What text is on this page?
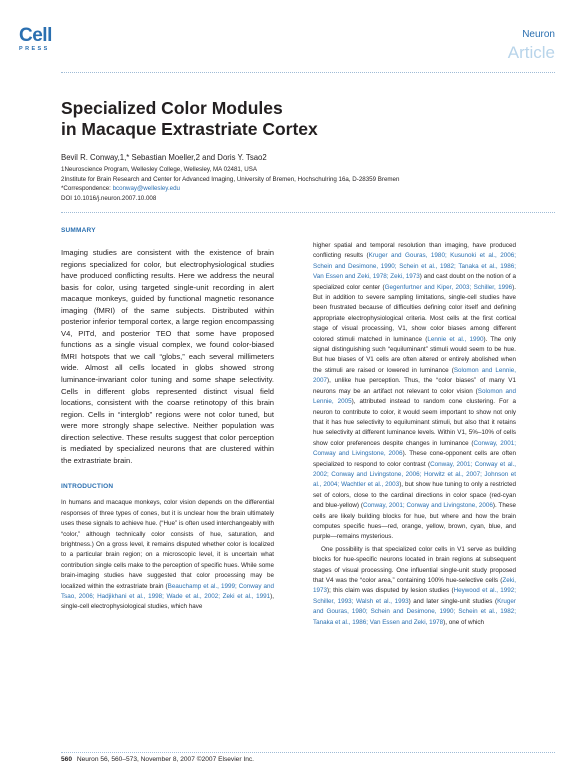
Cell
PRESS
Neuron
Article
Specialized Color Modules
in Macaque Extrastriate Cortex
Bevil R. Conway,1,* Sebastian Moeller,2 and Doris Y. Tsao2
1Neuroscience Program, Wellesley College, Wellesley, MA 02481, USA
2Institute for Brain Research and Center for Advanced Imaging, University of Bremen, Hochschulring 16a, D-28359 Bremen
*Correspondence: bconway@wellesley.edu
DOI 10.1016/j.neuron.2007.10.008
SUMMARY

Imaging studies are consistent with the existence of brain regions specialized for color, but electrophysiological studies have produced conflicting results. Here we address the neural basis for color, using targeted single-unit recording in alert macaque monkeys, guided by functional magnetic resonance imaging (fMRI) of the same subjects. Distributed within posterior inferior temporal cortex, a large region encompassing V4, PITd, and posterior TEO that some have proposed functions as a single visual complex, we found color-biased fMRI hotspots that we call “globs,” each several millimeters wide. Almost all cells located in globs showed strong luminance-invariant color tuning and some shape selectivity. Cells in different globs represented distinct visual field locations, consistent with the coarse retinotopy of this brain region. Cells in “interglob” regions were not color tuned, but were more strongly shape selective. Neither population was direction selective. These results suggest that color perception is mediated by specialized neurons that are clustered within the extrastriate brain.

INTRODUCTION

In humans and macaque monkeys, color vision depends on the differential responses of three types of cones, but it is unclear how the brain ultimately uses these signals to achieve hue. (“Hue” is often used interchangeably with “color,” although technically color consists of hue, saturation, and brightness.) On a gross level, it remains disputed whether color is localized to a particular brain region; on a microscopic level, it is uncertain what contribution single cells make to the perception of specific hues. While some brain-imaging studies have suggested that color processing may be localized within the extrastriate brain (Beauchamp et al., 1999; Conway and Tsao, 2006; Hadjikhani et al., 1998; Wade et al., 2002; Zeki et al., 1991), single-cell electrophysiological studies, which have

higher spatial and temporal resolution than imaging, have produced conflicting results (Kruger and Gouras, 1980; Kusunoki et al., 2006; Schein and Desimone, 1990; Schein et al., 1982; Tanaka et al., 1986; Van Essen and Zeki, 1978; Zeki, 1973) and cast doubt on the notion of a specialized color center (Gegenfurtner and Kiper, 2003; Schiller, 1996). But in addition to severe sampling limitations, single-cell studies have been frustrated because of difficulties defining color itself and defining appropriate electrophysiological criteria. Most cells at the first cortical stage of visual processing, V1, show color biases among different colored stimuli matched in luminance (Lennie et al., 1990). The only signal distinguishing such “equiluminant” stimuli would seem to be hue. But hue biases of V1 cells are often altered or entirely abolished when the stimuli are raised or lowered in luminance (Solomon and Lennie, 2007), unlike hue perception. Thus, the “color biases” of many V1 neurons may be an artifact not relevant to color vision (Solomon and Lennie, 2005), attributed instead to random cone clustering. For a neuron to contribute to color, it would seem important to show not only that it has hue selectivity to equiluminant stimuli, but also that it retains hue selectivity at different luminance levels. Within V1, 5%–10% of cells show color preferences despite changes in luminance (Conway, 2001; Conway and Livingstone, 2006). These cone-opponent cells are often specialized to respond to color contrast (Conway, 2001; Conway et al., 2002; Conway and Livingstone, 2006; Horwitz et al., 2007; Johnson et al., 2004; Wachtler et al., 2003), but show hue tuning to only a restricted set of colors, close to the cardinal directions in color space (red-cyan and blue-yellow) (Conway, 2001; Conway and Livingstone, 2006). These cells are likely building blocks for hue, but where and how the brain computes specific hues—red, orange, yellow, brown, cyan, blue, and purple—remains mysterious.

One possibility is that specialized color cells in V1 serve as building blocks for hue-specific neurons located in brain regions at subsequent stages of visual processing. One influential single-unit study proposed that V4 was the “color area,” containing 100% hue-selective cells (Zeki, 1973); this claim was disputed by lesion studies (Heywood et al., 1992; Schiller, 1993; Walsh et al., 1993) and later single-unit studies (Kruger and Gouras, 1980; Schein and Desimone, 1990; Schein et al., 1982; Tanaka et al., 1986; Van Essen and Zeki, 1978), one of which

560 Neuron 56, 560–573, November 8, 2007 ©2007 Elsevier Inc.
